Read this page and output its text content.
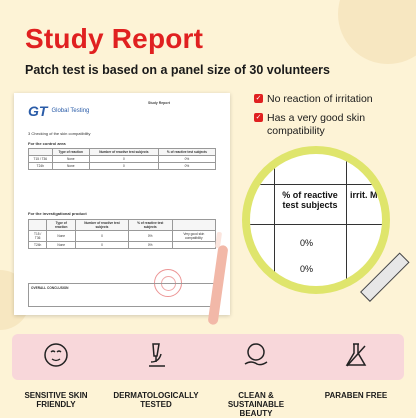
Study Report
Patch test is based on a panel size of 30 volunteers
GT Global Testing
Study Report
3 Checking of the skin compatibility
For the control area
	Type of reaction	Number of reactive test subjects	% of reactive test subjects
T15 / T36	None	0	0%
T24h	None	0	0%
For the investigational product
	Type of reaction	Number of reactive test subjects	% of reactive test subjects	
T15 / T36	None	0	0%	Very good skin compatibility
T24h	None	0	0%	
OVERALL CONCLUSION
✓ No reaction of irritation
✓ Has a very good skin compatibility
% of reactive test subjects
irrit. M
0%
0%
SENSITIVE SKIN FRIENDLY
DERMATOLOGICALLY TESTED
CLEAN & SUSTAINABLE BEAUTY
PARABEN FREE
